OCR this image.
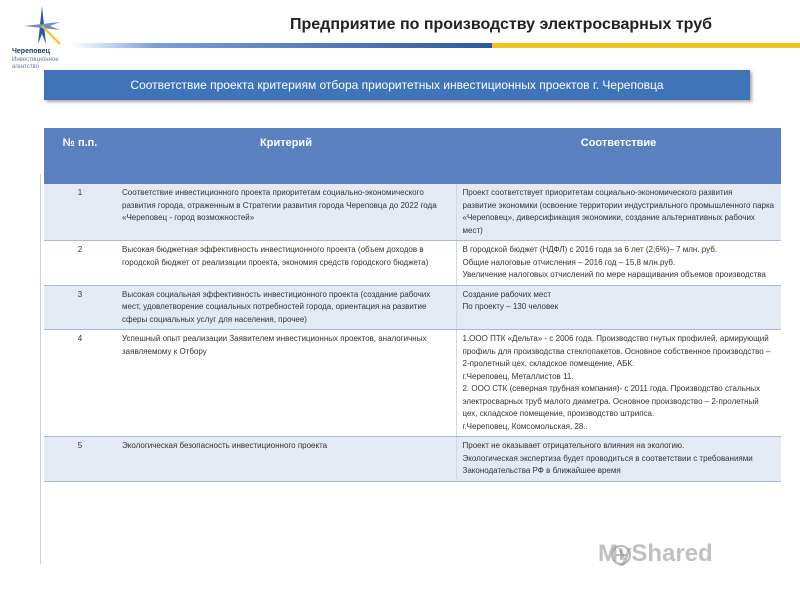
Череповец
Инвестиционное агентство
Предприятие по производству электросварных труб
Соответствие проекта критериям отбора приоритетных инвестиционных проектов г. Череповца
№ п.п.	Критерий	Соответствие
1	Соответствие инвестиционного проекта приоритетам социально-экономического развития города, отраженным в Стратегии развития города Череповца до 2022 года «Череповец - город возможностей»	Проект соответствует приоритетам социально-экономического развития
развитие экономики (освоение территории индустриального промышленного парка «Череповец», диверсификация экономики, создание альтернативных рабочих мест)

2	Высокая бюджетная эффективность инвестиционного проекта (объем доходов в городской бюджет от реализации проекта, экономия средств городского бюджета)	В городской бюджет (НДФЛ) с 2016 года за 6 лет (2,6%)– 7 млн. руб.
Общие налоговые отчисления – 2016 год – 15,8 млн.руб.
Увеличение налоговых отчислений по мере наращивания объемов производства

3	Высокая социальная эффективность инвестиционного проекта (создание рабочих мест, удовлетворение социальных потребностей города, ориентация на развитие сферы социальных услуг для населения, прочее)	Создание рабочих мест
По проекту – 130 человек

4	Успешный опыт реализации Заявителем инвестиционных проектов, аналогичных заявляемому к Отбору	1.ООО ПТК «Дельта» - с 2006 года. Производство гнутых профилей, армирующий профиль для производства стеклопакетов. Основное собственное производство – 2-пролетный цех, складское помещение, АБК.
г.Череповец, Металлистов 11.
2. ООО СТК (северная трубная компания)- с 2011 года. Производство стальных электросварных труб малого диаметра. Основное производство – 2-пролетный цех, складское помещение, производство штрипса.
г.Череповец, Комсомольская, 28..

5	Экологическая безопасность инвестиционного проекта	Проект не оказывает отрицательного влияния на экологию.
Экологическая экспертиза будет проводиться в соответствии с требованиями Законодательства РФ в ближайшее время
MyShared
